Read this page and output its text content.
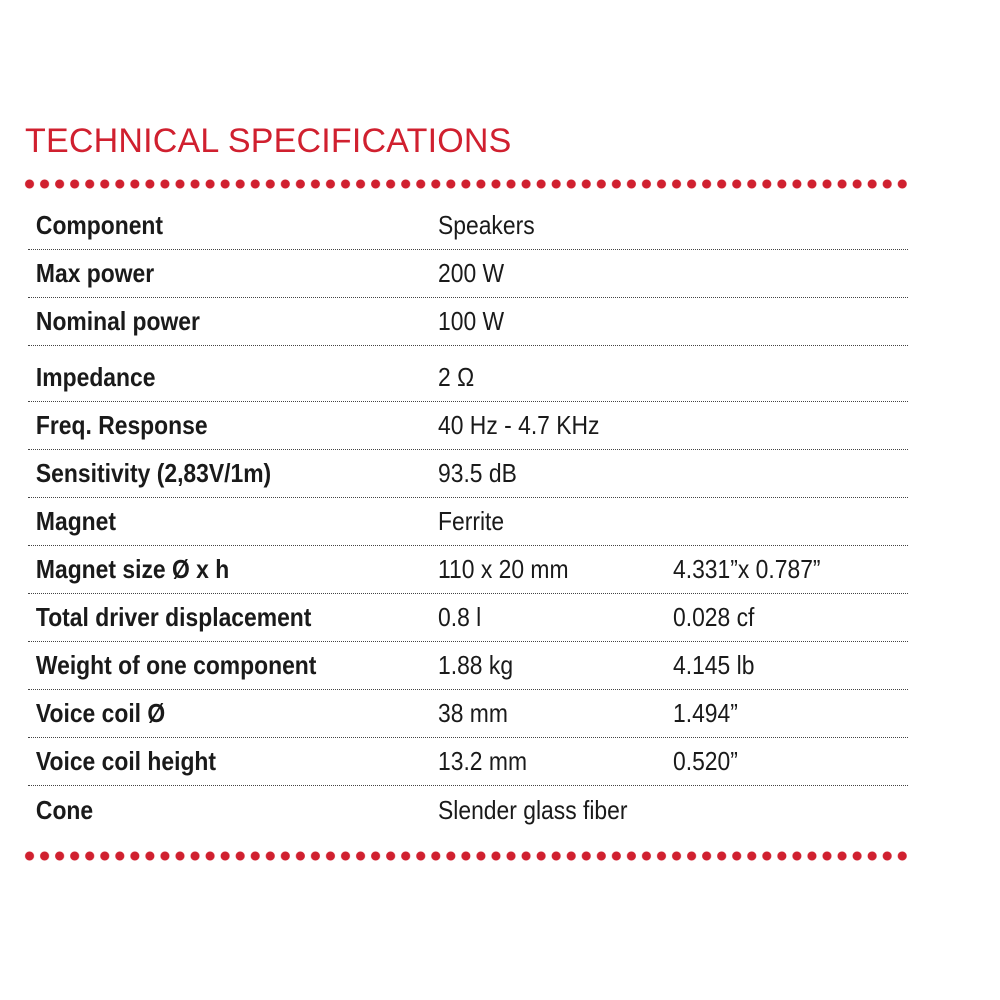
TECHNICAL SPECIFICATIONS
Component	Speakers
Max power	200 W
Nominal power	100 W
Impedance	2 Ω
Freq. Response	40 Hz - 4.7 KHz
Sensitivity (2,83V/1m)	93.5 dB
Magnet	Ferrite
Magnet size Ø x h	110 x 20 mm	4.331”x 0.787”
Total driver displacement	0.8 l	0.028 cf
Weight of one component	1.88 kg	4.145 lb
Voice coil Ø	38 mm	1.494”
Voice coil height	13.2 mm	0.520”
Cone	Slender glass fiber
